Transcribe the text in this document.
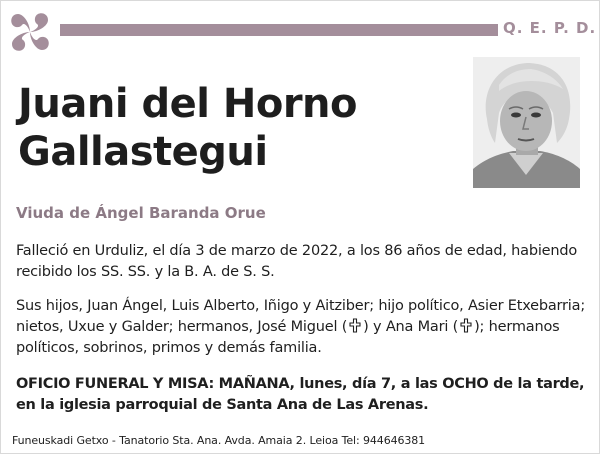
Q. E. P. D.
Juani del Horno Gallastegui
Viuda de Ángel Baranda Orue

Falleció en Urduliz, el día 3 de marzo de 2022, a los 86 años de edad, habiendo recibido los SS. SS. y la B. A. de S. S.

Sus hijos, Juan Ángel, Luis Alberto, Iñigo y Aitziber; hijo político, Asier Etxebarria; nietos, Uxue y Galder; hermanos, José Miguel ( ) y Ana Mari ( ); hermanos políticos, sobrinos, primos y demás familia.

OFICIO FUNERAL Y MISA: MAÑANA, lunes, día 7, a las OCHO de la tarde, en la iglesia parroquial de Santa Ana de Las Arenas.

Funeuskadi Getxo - Tanatorio Sta. Ana. Avda. Amaia 2. Leioa Tel: 944646381
